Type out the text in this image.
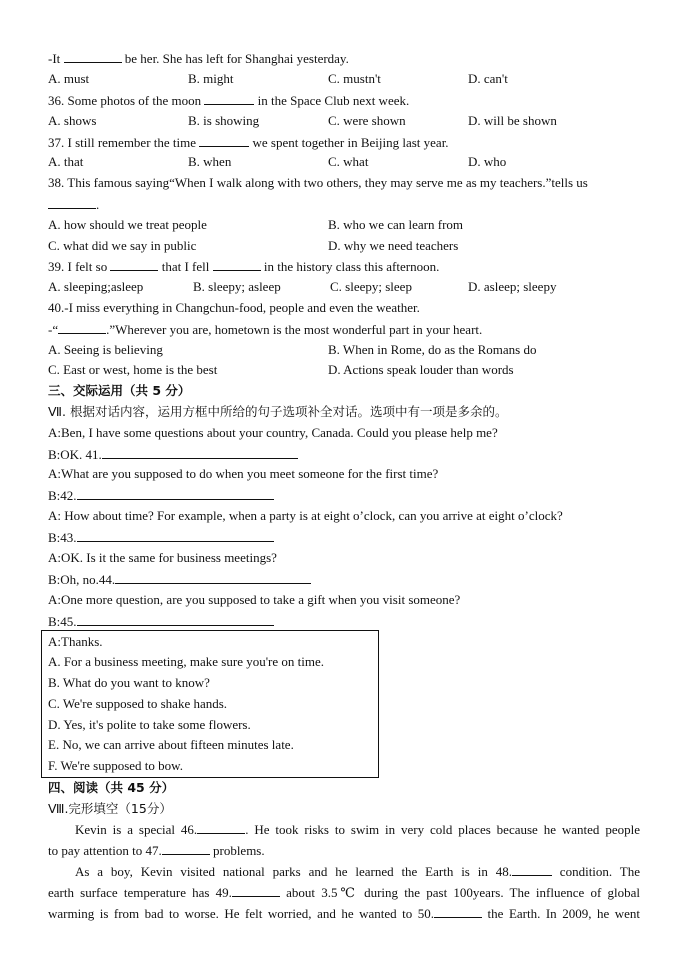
-It	be her. She has left for Shanghai yesterday.
A. must	B. might	C. mustn't	D. can't
36. Some photos of the moon	in the Space Club next week.
A. shows	B. is showing	C. were shown	D. will be shown
37. I still remember the time	we spent together in Beijing last year.
A. that	B. when	C. what	D. who
38. This famous saying“When I walk along with two others, they may serve me as my teachers.”tells us
.
A. how should we treat people	B. who we can learn from
C. what did we say in public	D. why we need teachers
39. I felt so	that I fell	in the history class this afternoon.
A. sleeping;asleep	B. sleepy; asleep	C. sleepy; sleep	D. asleep; sleepy
40.-I miss everything in Changchun-food, people and even the weather.
-“	.”Wherever you are, hometown is the most wonderful part in your heart.
A. Seeing is believing	B. When in Rome, do as the Romans do
C. East or west, home is the best	D. Actions speak louder than words
三、交际运用（共 5 分）
Ⅶ. 根据对话内容，运用方框中所给的句子选项补全对话。选项中有一项是多余的。
A:Ben, I have some questions about your country, Canada. Could you please help me?
B:OK. 41.
A:What are you supposed to do when you meet someone for the first time?
B:42.
A: How about time? For example, when a party is at eight o’clock, can you arrive at eight o’clock?
B:43.
A:OK. Is it the same for business meetings?
B:Oh, no.44.
A:One more question, are you supposed to take a gift when you visit someone?
B:45.
A:Thanks.
A. For a business meeting, make sure you're on time.
B. What do you want to know?
C. We're supposed to shake hands.
D. Yes, it's polite to take some flowers.
E. No, we can arrive about fifteen minutes late.
F. We're supposed to bow.
四、阅读（共 45 分）
Ⅷ.完形填空（15分）
Kevin is a special 46.	. He took risks to swim in very cold places because he wanted people
to pay attention to 47.	problems.
As a boy, Kevin visited national parks and he learned the Earth is in 48.	condition. The
earth surface temperature has 49.	about 3.5℃ during the past 100years. The influence of global
warming is from bad to worse. He felt worried, and he wanted to 50.	the Earth. In 2009, he went
